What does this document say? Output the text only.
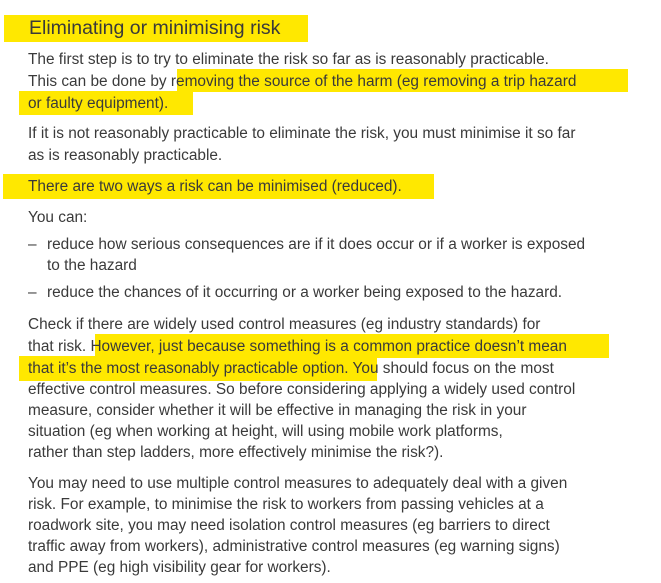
Eliminating or minimising risk
The first step is to try to eliminate the risk so far as is reasonably practicable.
This can be done by removing the source of the harm (eg removing a trip hazard
or faulty equipment).
If it is not reasonably practicable to eliminate the risk, you must minimise it so far
as is reasonably practicable.
There are two ways a risk can be minimised (reduced).
You can:
– reduce how serious consequences are if it does occur or if a worker is exposed
to the hazard
– reduce the chances of it occurring or a worker being exposed to the hazard.
Check if there are widely used control measures (eg industry standards) for
that risk. However, just because something is a common practice doesn’t mean
that it’s the most reasonably practicable option. You should focus on the most
effective control measures. So before considering applying a widely used control
measure, consider whether it will be effective in managing the risk in your
situation (eg when working at height, will using mobile work platforms,
rather than step ladders, more effectively minimise the risk?).
You may need to use multiple control measures to adequately deal with a given
risk. For example, to minimise the risk to workers from passing vehicles at a
roadwork site, you may need isolation control measures (eg barriers to direct
traffic away from workers), administrative control measures (eg warning signs)
and PPE (eg high visibility gear for workers).
